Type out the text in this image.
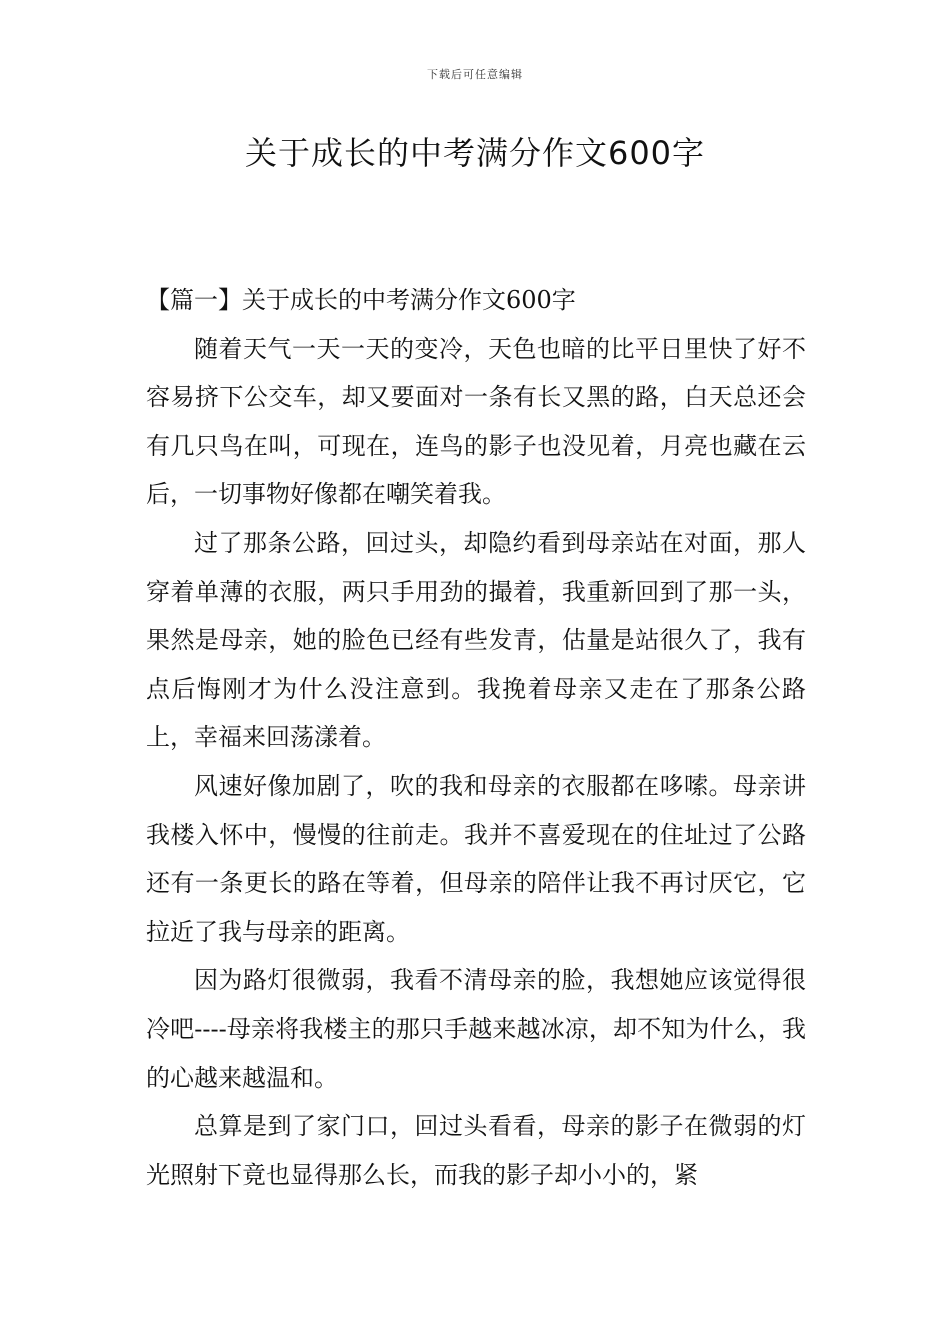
下载后可任意编辑
关于成长的中考满分作文600字

【篇一】关于成长的中考满分作文600字

随着天气一天一天的变冷，天色也暗的比平日里快了好不容易挤下公交车，却又要面对一条有长又黑的路，白天总还会有几只鸟在叫，可现在，连鸟的影子也没见着，月亮也藏在云后，一切事物好像都在嘲笑着我。

过了那条公路，回过头，却隐约看到母亲站在对面，那人穿着单薄的衣服，两只手用劲的撮着，我重新回到了那一头，果然是母亲，她的脸色已经有些发青，估量是站很久了，我有点后悔刚才为什么没注意到。我挽着母亲又走在了那条公路上，幸福来回荡漾着。

风速好像加剧了，吹的我和母亲的衣服都在哆嗦。母亲讲我楼入怀中，慢慢的往前走。我并不喜爱现在的住址过了公路还有一条更长的路在等着，但母亲的陪伴让我不再讨厌它，它拉近了我与母亲的距离。

因为路灯很微弱，我看不清母亲的脸，我想她应该觉得很冷吧----母亲将我楼主的那只手越来越冰凉，却不知为什么，我的心越来越温和。

总算是到了家门口，回过头看看，母亲的影子在微弱的灯光照射下竟也显得那么长，而我的影子却小小的，紧
